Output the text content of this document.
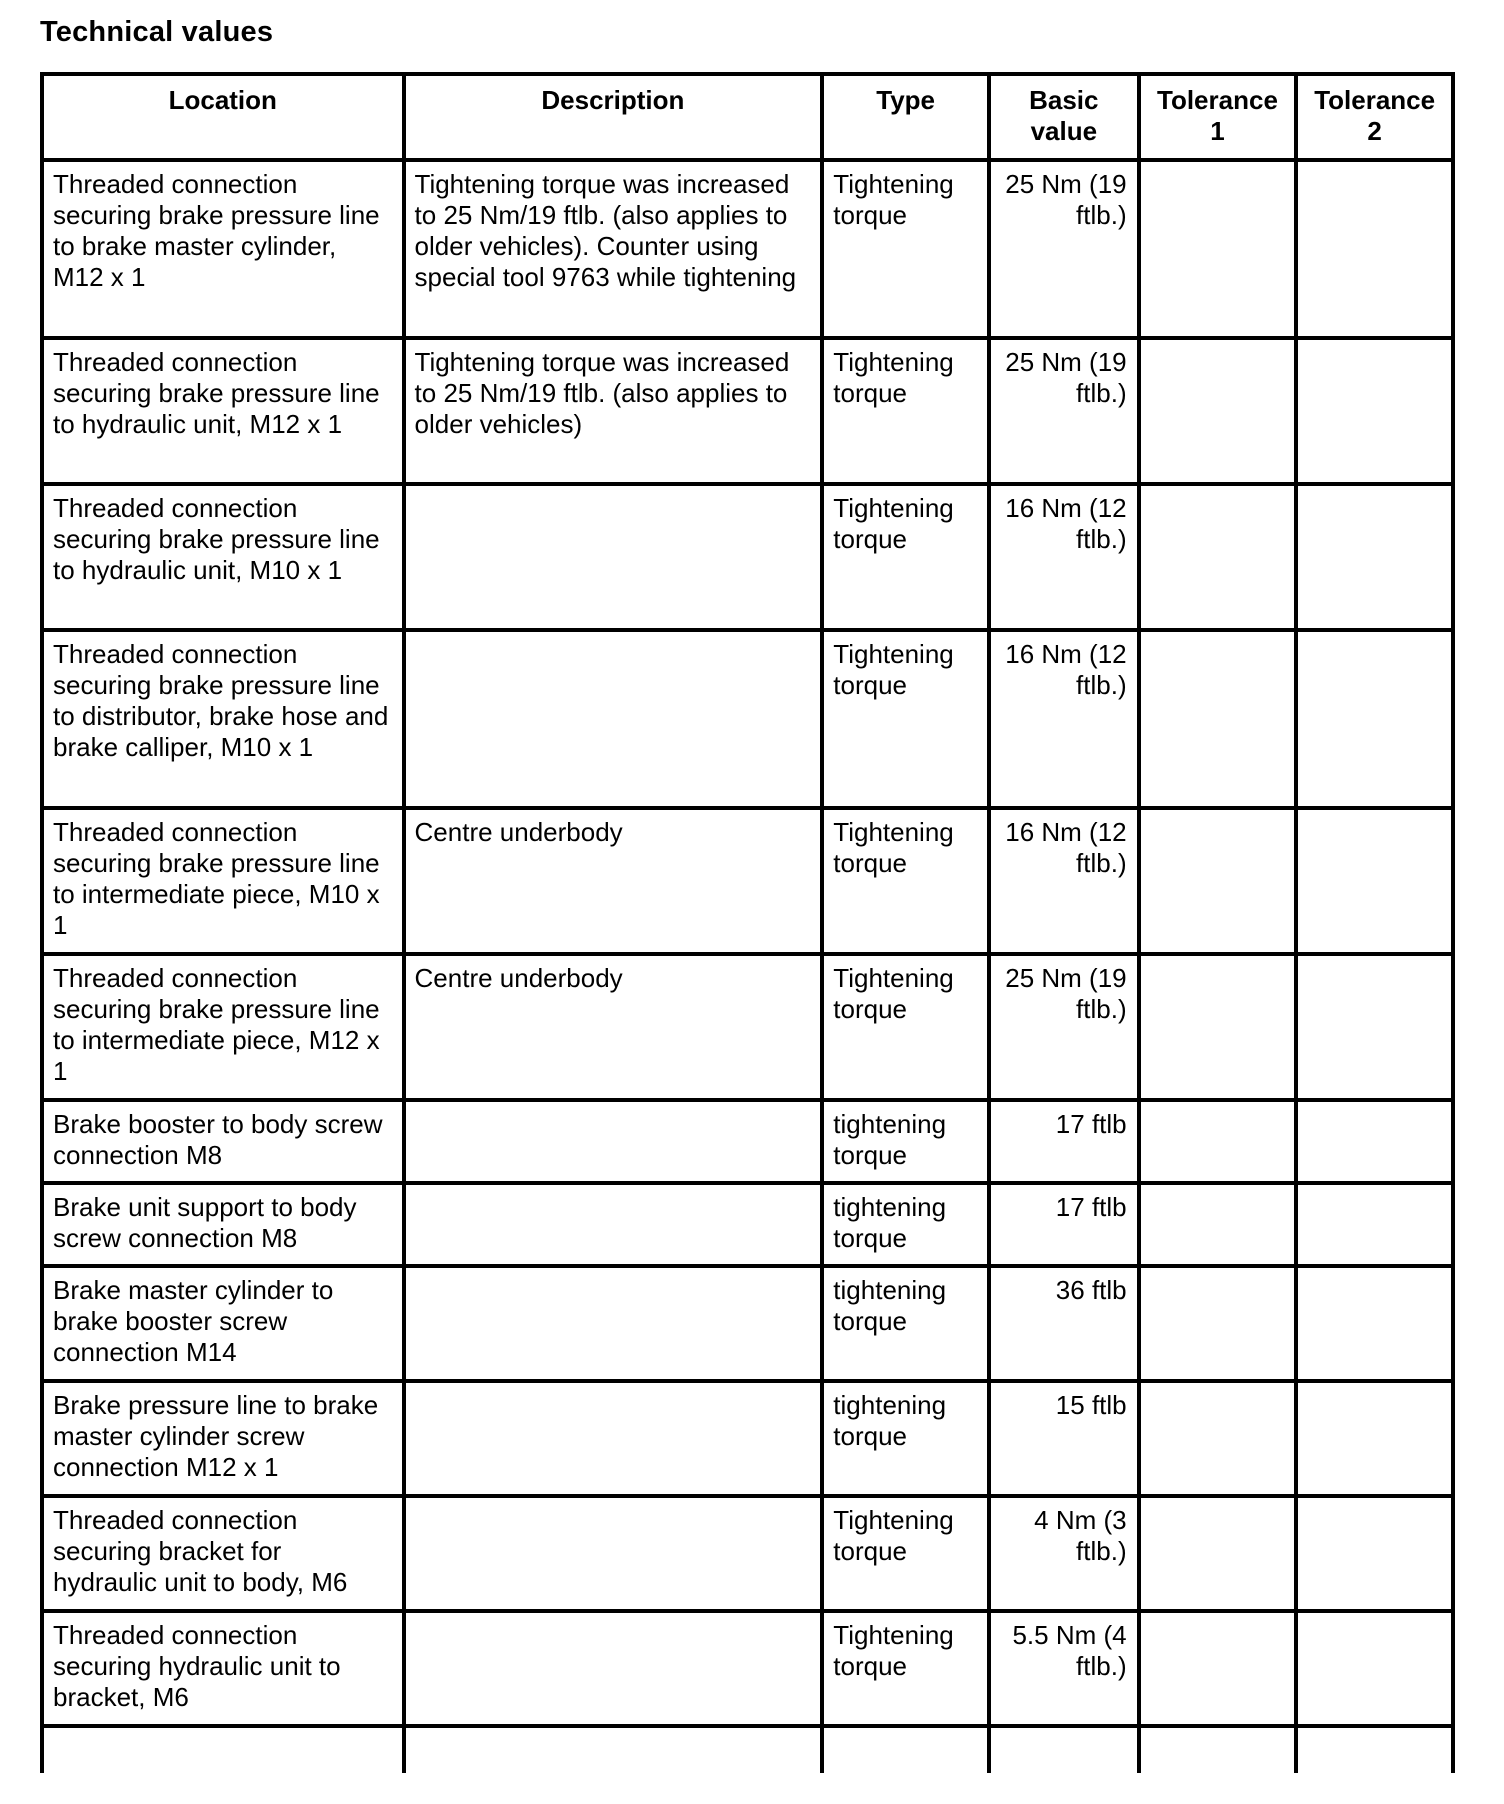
Technical values
Location	Description	Type	Basic value	Tolerance 1	Tolerance 2
Threaded connection securing brake pressure line to brake master cylinder, M12 x 1	Tightening torque was increased to 25 Nm/19 ftlb. (also applies to older vehicles). Counter using special tool 9763 while tightening	Tightening torque	25 Nm (19 ftlb.)		
Threaded connection securing brake pressure line to hydraulic unit, M12 x 1	Tightening torque was increased to 25 Nm/19 ftlb. (also applies to older vehicles)	Tightening torque	25 Nm (19 ftlb.)		
Threaded connection securing brake pressure line to hydraulic unit, M10 x 1		Tightening torque	16 Nm (12 ftlb.)		
Threaded connection securing brake pressure line to distributor, brake hose and brake calliper, M10 x 1		Tightening torque	16 Nm (12 ftlb.)		
Threaded connection securing brake pressure line to intermediate piece, M10 x 1	Centre underbody	Tightening torque	16 Nm (12 ftlb.)		
Threaded connection securing brake pressure line to intermediate piece, M12 x 1	Centre underbody	Tightening torque	25 Nm (19 ftlb.)		
Brake booster to body screw connection M8		tightening torque	17 ftlb		
Brake unit support to body screw connection M8		tightening torque	17 ftlb		
Brake master cylinder to brake booster screw connection M14		tightening torque	36 ftlb		
Brake pressure line to brake master cylinder screw connection M12 x 1		tightening torque	15 ftlb		
Threaded connection securing bracket for hydraulic unit to body, M6		Tightening torque	4 Nm (3 ftlb.)		
Threaded connection securing hydraulic unit to bracket, M6		Tightening torque	5.5 Nm (4 ftlb.)		
